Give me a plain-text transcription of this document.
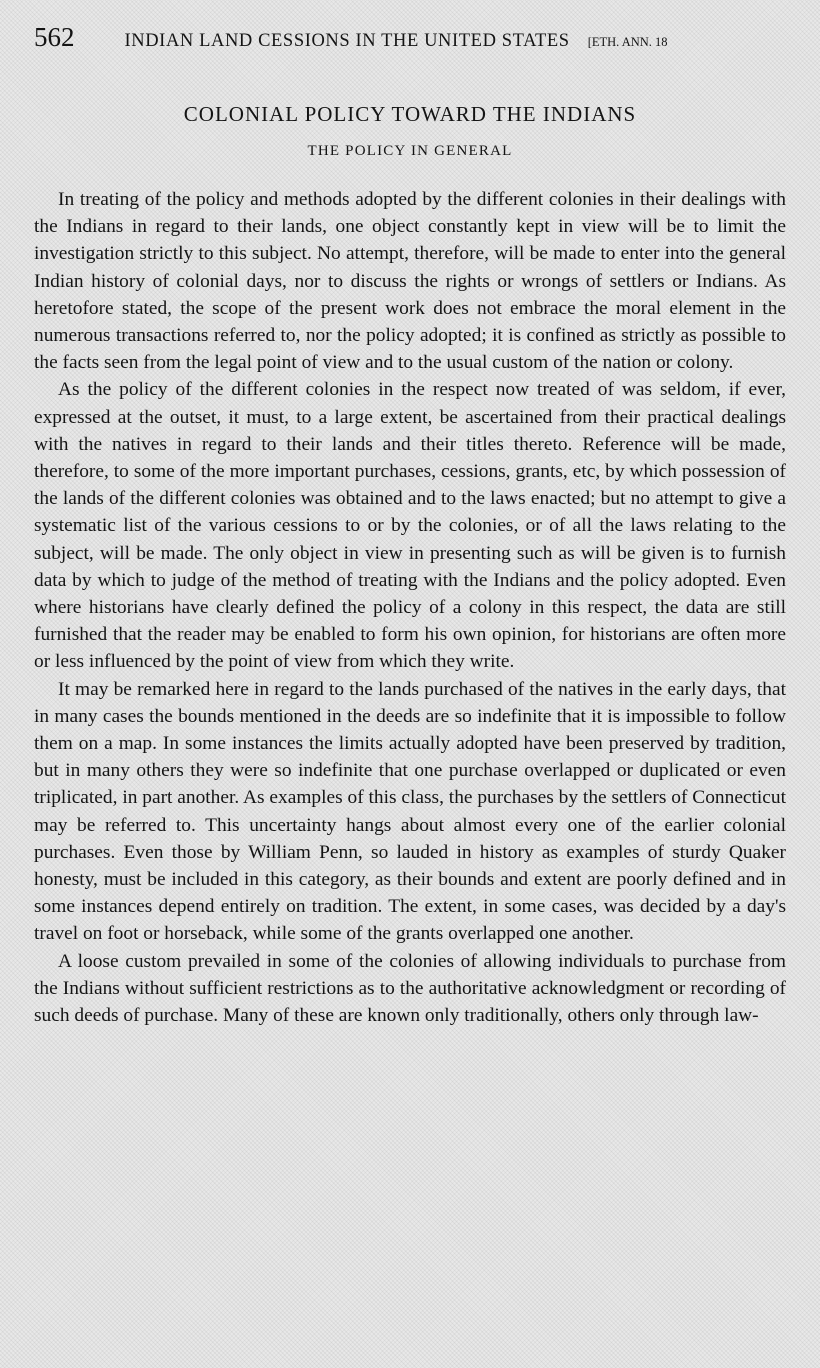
562	INDIAN LAND CESSIONS IN THE UNITED STATES [ETH. ANN. 18
COLONIAL POLICY TOWARD THE INDIANS
THE POLICY IN GENERAL

In treating of the policy and methods adopted by the different colonies in their dealings with the Indians in regard to their lands, one object constantly kept in view will be to limit the investigation strictly to this subject. No attempt, therefore, will be made to enter into the general Indian history of colonial days, nor to discuss the rights or wrongs of settlers or Indians. As heretofore stated, the scope of the present work does not embrace the moral element in the numerous transactions referred to, nor the policy adopted; it is confined as strictly as possible to the facts seen from the legal point of view and to the usual custom of the nation or colony.

As the policy of the different colonies in the respect now treated of was seldom, if ever, expressed at the outset, it must, to a large extent, be ascertained from their practical dealings with the natives in regard to their lands and their titles thereto. Reference will be made, therefore, to some of the more important purchases, cessions, grants, etc, by which possession of the lands of the different colonies was obtained and to the laws enacted; but no attempt to give a systematic list of the various cessions to or by the colonies, or of all the laws relating to the subject, will be made. The only object in view in presenting such as will be given is to furnish data by which to judge of the method of treating with the Indians and the policy adopted. Even where historians have clearly defined the policy of a colony in this respect, the data are still furnished that the reader may be enabled to form his own opinion, for historians are often more or less influenced by the point of view from which they write.

It may be remarked here in regard to the lands purchased of the natives in the early days, that in many cases the bounds mentioned in the deeds are so indefinite that it is impossible to follow them on a map. In some instances the limits actually adopted have been preserved by tradition, but in many others they were so indefinite that one purchase overlapped or duplicated or even triplicated, in part another. As examples of this class, the purchases by the settlers of Connecticut may be referred to. This uncertainty hangs about almost every one of the earlier colonial purchases. Even those by William Penn, so lauded in history as examples of sturdy Quaker honesty, must be included in this category, as their bounds and extent are poorly defined and in some instances depend entirely on tradition. The extent, in some cases, was decided by a day's travel on foot or horseback, while some of the grants overlapped one another.

A loose custom prevailed in some of the colonies of allowing individuals to purchase from the Indians without sufficient restrictions as to the authoritative acknowledgment or recording of such deeds of purchase. Many of these are known only traditionally, others only through law-
